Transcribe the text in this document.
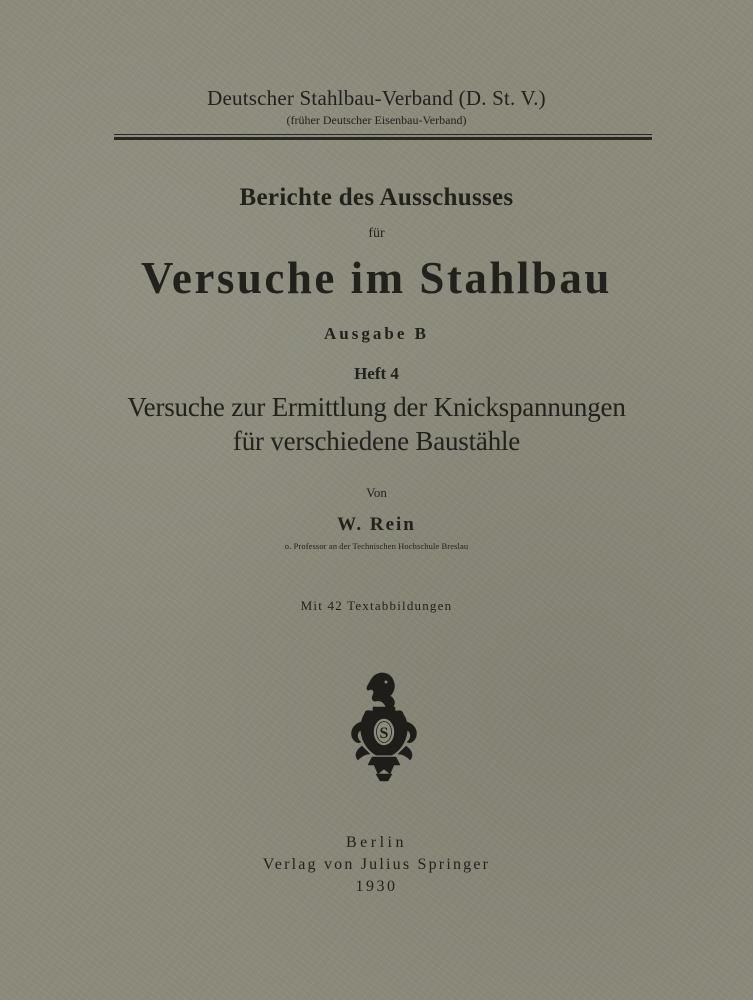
Deutscher Stahlbau-Verband (D. St. V.)
(früher Deutscher Eisenbau-Verband)
Berichte des Ausschusses
für
Versuche im Stahlbau
Ausgabe B
Heft 4
Versuche zur Ermittlung der Knickspannungen
für verschiedene Baustähle
Von
W. Rein
o. Professor an der Technischen Hochschule Breslau
Mit 42 Textabbildungen
S
Berlin
Verlag von Julius Springer
1930
